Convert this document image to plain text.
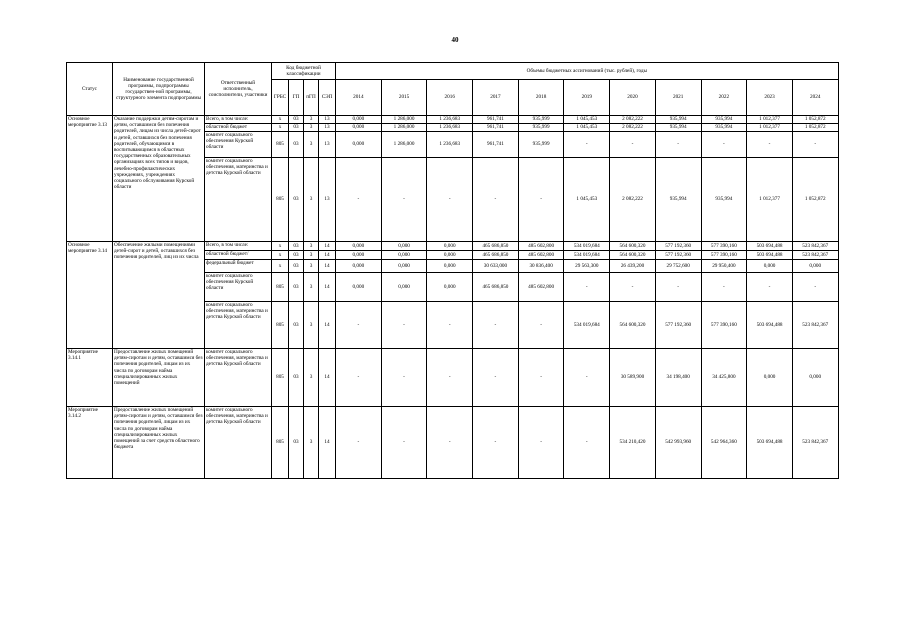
40
Статус	Наименование государственной программы, подпрограммы государствен-ной программы, структурного элемента подпрограммы	Ответственный исполнитель, соисполнители, участники	Код бюджетной классификации				Объемы бюджетных ассигнований (тыс. рублей), годы										
			ГРБС	ГП	пГП	СЭП	2014	2015	2016	2017	2018	2019	2020	2021	2022	2023	2024
Основное мероприятие 3.13	Оказание поддержки детям-сиротам и детям, оставшимся без попечения родителей, лицам из числа детей-сирот и детей, оставшихся без попечения родителей, обучающимся в воспитывающимся в областных государственных образовательных организациях всех типов и видов, лечебно-профилактических учреждениях, учреждениях социального обслуживания Курской области	Всего, в том числе:	x	03	3	13	0,000	1 286,000	1 236,683	961,741	935,999	1 045,453	2 082,222	935,994	935,994	1 012,377	1 052,872
		областной бюджет	x	03	3	13	0,000	1 286,000	1 236,683	961,741	935,999	1 045,453	2 082,222	935,994	935,994	1 012,377	1 052,872
		комитет социального обеспечения Курской области	805	03	3	13	0,000	1 286,000	1 236,683	961,741	935,999	-	-	-	-	-	-
		комитет социального обеспечения, материнства и детства Курской области	805	03	3	13	-	-	-	-	-	1 045,453	2 082,222	935,994	935,994	1 012,377	1 052,872
Основное мероприятие 3.14	Обеспечение жилыми помещениями детей-сирот и детей, оставшихся без попечения родителей, лиц из их числа	Всего, в том числе:	x	03	3	14	0,000	0,000	0,000	465 686,850	485 602,800	534 019,684	564 600,320	577 192,360	577 390,160	503 694,488	523 842,367
		областной бюджет/	x	03	3	14	0,000	0,000	0,000	465 686,850	485 602,800	534 019,684	564 600,320	577 192,360	577 390,160	503 694,488	523 842,367
		федеральный бюджет	x	03	3	14	0,000	0,000	0,000	30 633,000	30 836,400	29 563,300	26 439,200	29 752,600	29 950,400	0,000	0,000
		комитет социального обеспечения Курской области	805	03	3	14	0,000	0,000	0,000	465 686,850	485 602,800	-	-	-	-	-	-
		комитет социального обеспечения, материнства и детства Курской области	805	03	3	14	-	-	-	-	-	534 019,684	564 600,320	577 192,360	577 390,160	503 694,488	523 842,367
Мероприятие 3.14.1	Предоставление жилых помещений детям-сиротам и детям, оставшимся без попечения родителей, лицам из их числа по договорам найма специализированных жилых помещений	комитет социального обеспечения, материнства и детства Курской области	805	03	3	14	-	-	-	-	-	-	30 589,900	34 198,400	34 425,800	0,000	0,000
Мероприятие 3.14.2	Предоставление жилых помещений детям-сиротам и детям, оставшимся без попечения родителей, лицам из их числа по договорам найма специализированных жилых помещений за счет средств областного бюджета	комитет социального обеспечения, материнства и детства Курской области	805	03	3	14	-	-	-	-	-	-	534 210,420	542 993,960	542 964,360	503 694,488	523 842,367
